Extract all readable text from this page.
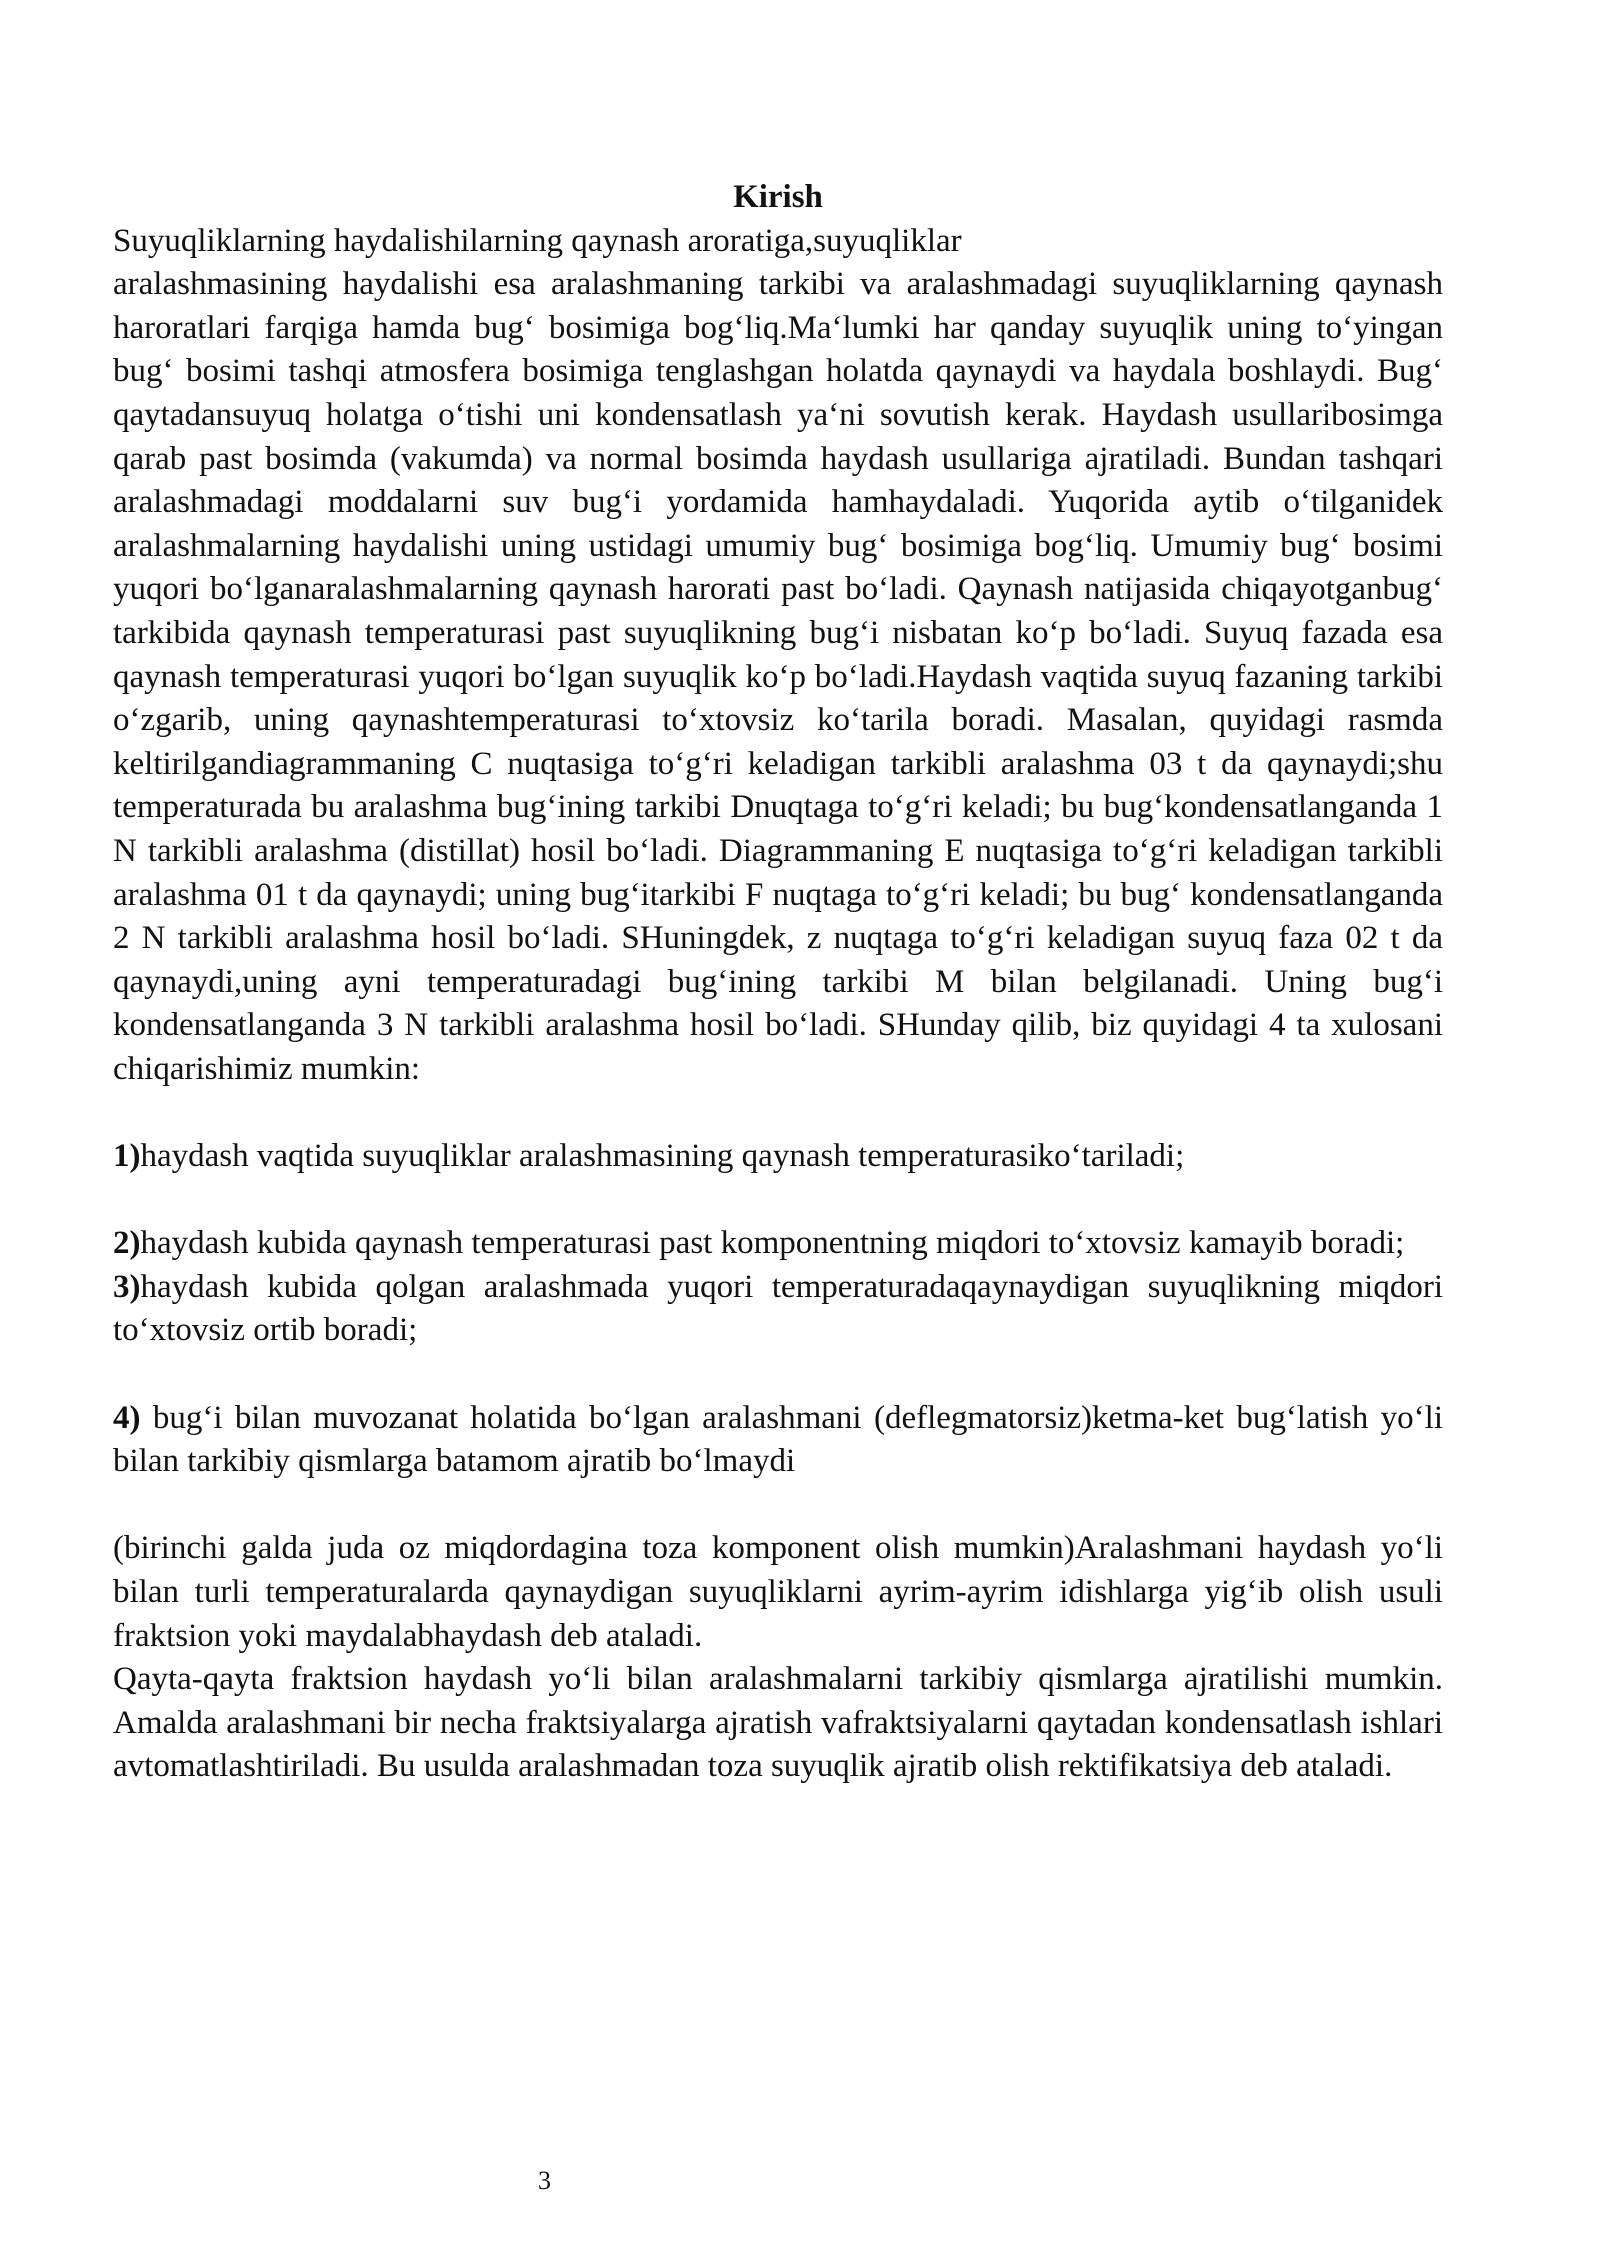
Kirish

Suyuqliklarning haydalishilarning qaynash aroratiga,suyuqliklar

aralashmasining haydalishi esa aralashmaning tarkibi va aralashmadagi suyuqliklarning qaynash haroratlari farqiga hamda bug‘ bosimiga bog‘liq.Ma‘lumki har qanday suyuqlik uning to‘yingan bug‘ bosimi tashqi atmosfera bosimiga tenglashgan holatda qaynaydi va haydala boshlaydi. Bug‘ qaytadansuyuq holatga o‘tishi uni kondensatlash ya‘ni sovutish kerak. Haydash usullaribosimga qarab past bosimda (vakumda) va normal bosimda haydash usullariga ajratiladi. Bundan tashqari aralashmadagi moddalarni suv bug‘i yordamida hamhaydaladi. Yuqorida aytib o‘tilganidek aralashmalarning haydalishi uning ustidagi umumiy bug‘ bosimiga bog‘liq. Umumiy bug‘ bosimi yuqori bo‘lganaralashmalarning qaynash harorati past bo‘ladi. Qaynash natijasida chiqayotganbug‘ tarkibida qaynash temperaturasi past suyuqlikning bug‘i nisbatan ko‘p bo‘ladi. Suyuq fazada esa qaynash temperaturasi yuqori bo‘lgan suyuqlik ko‘p bo‘ladi.Haydash vaqtida suyuq fazaning tarkibi o‘zgarib, uning qaynashtemperaturasi to‘xtovsiz ko‘tarila boradi. Masalan, quyidagi rasmda keltirilgandiagrammaning C nuqtasiga to‘g‘ri keladigan tarkibli aralashma 03 t da qaynaydi;shu temperaturada bu aralashma bug‘ining tarkibi Dnuqtaga to‘g‘ri keladi; bu bug‘kondensatlanganda 1 N tarkibli aralashma (distillat) hosil bo‘ladi. Diagrammaning E nuqtasiga to‘g‘ri keladigan tarkibli aralashma 01 t da qaynaydi; uning bug‘itarkibi F nuqtaga to‘g‘ri keladi; bu bug‘ kondensatlanganda 2 N tarkibli aralashma hosil bo‘ladi. SHuningdek, z nuqtaga to‘g‘ri keladigan suyuq faza 02 t da qaynaydi,uning ayni temperaturadagi bug‘ining tarkibi M bilan belgilanadi. Uning bug‘i kondensatlanganda 3 N tarkibli aralashma hosil bo‘ladi. SHunday qilib, biz quyidagi 4 ta xulosani chiqarishimiz mumkin:

1)haydash vaqtida suyuqliklar aralashmasining qaynash temperaturasiko‘tariladi;

2)haydash kubida qaynash temperaturasi past komponentning miqdori to‘xtovsiz kamayib boradi;

3)haydash kubida qolgan aralashmada yuqori temperaturadaqaynaydigan suyuqlikning miqdori to‘xtovsiz ortib boradi;

4) bug‘i bilan muvozanat holatida bo‘lgan aralashmani (deflegmatorsiz)ketma-ket bug‘latish yo‘li bilan tarkibiy qismlarga batamom ajratib bo‘lmaydi

(birinchi galda juda oz miqdordagina toza komponent olish mumkin)Aralashmani haydash yo‘li bilan turli temperaturalarda qaynaydigan suyuqliklarni ayrim-ayrim idishlarga yig‘ib olish usuli fraktsion yoki maydalabhaydash deb ataladi.

Qayta-qayta fraktsion haydash yo‘li bilan aralashmalarni tarkibiy qismlarga ajratilishi mumkin. Amalda aralashmani bir necha fraktsiyalarga ajratish vafraktsiyalarni qaytadan kondensatlash ishlari avtomatlashtiriladi. Bu usulda aralashmadan toza suyuqlik ajratib olish rektifikatsiya deb ataladi.

3
